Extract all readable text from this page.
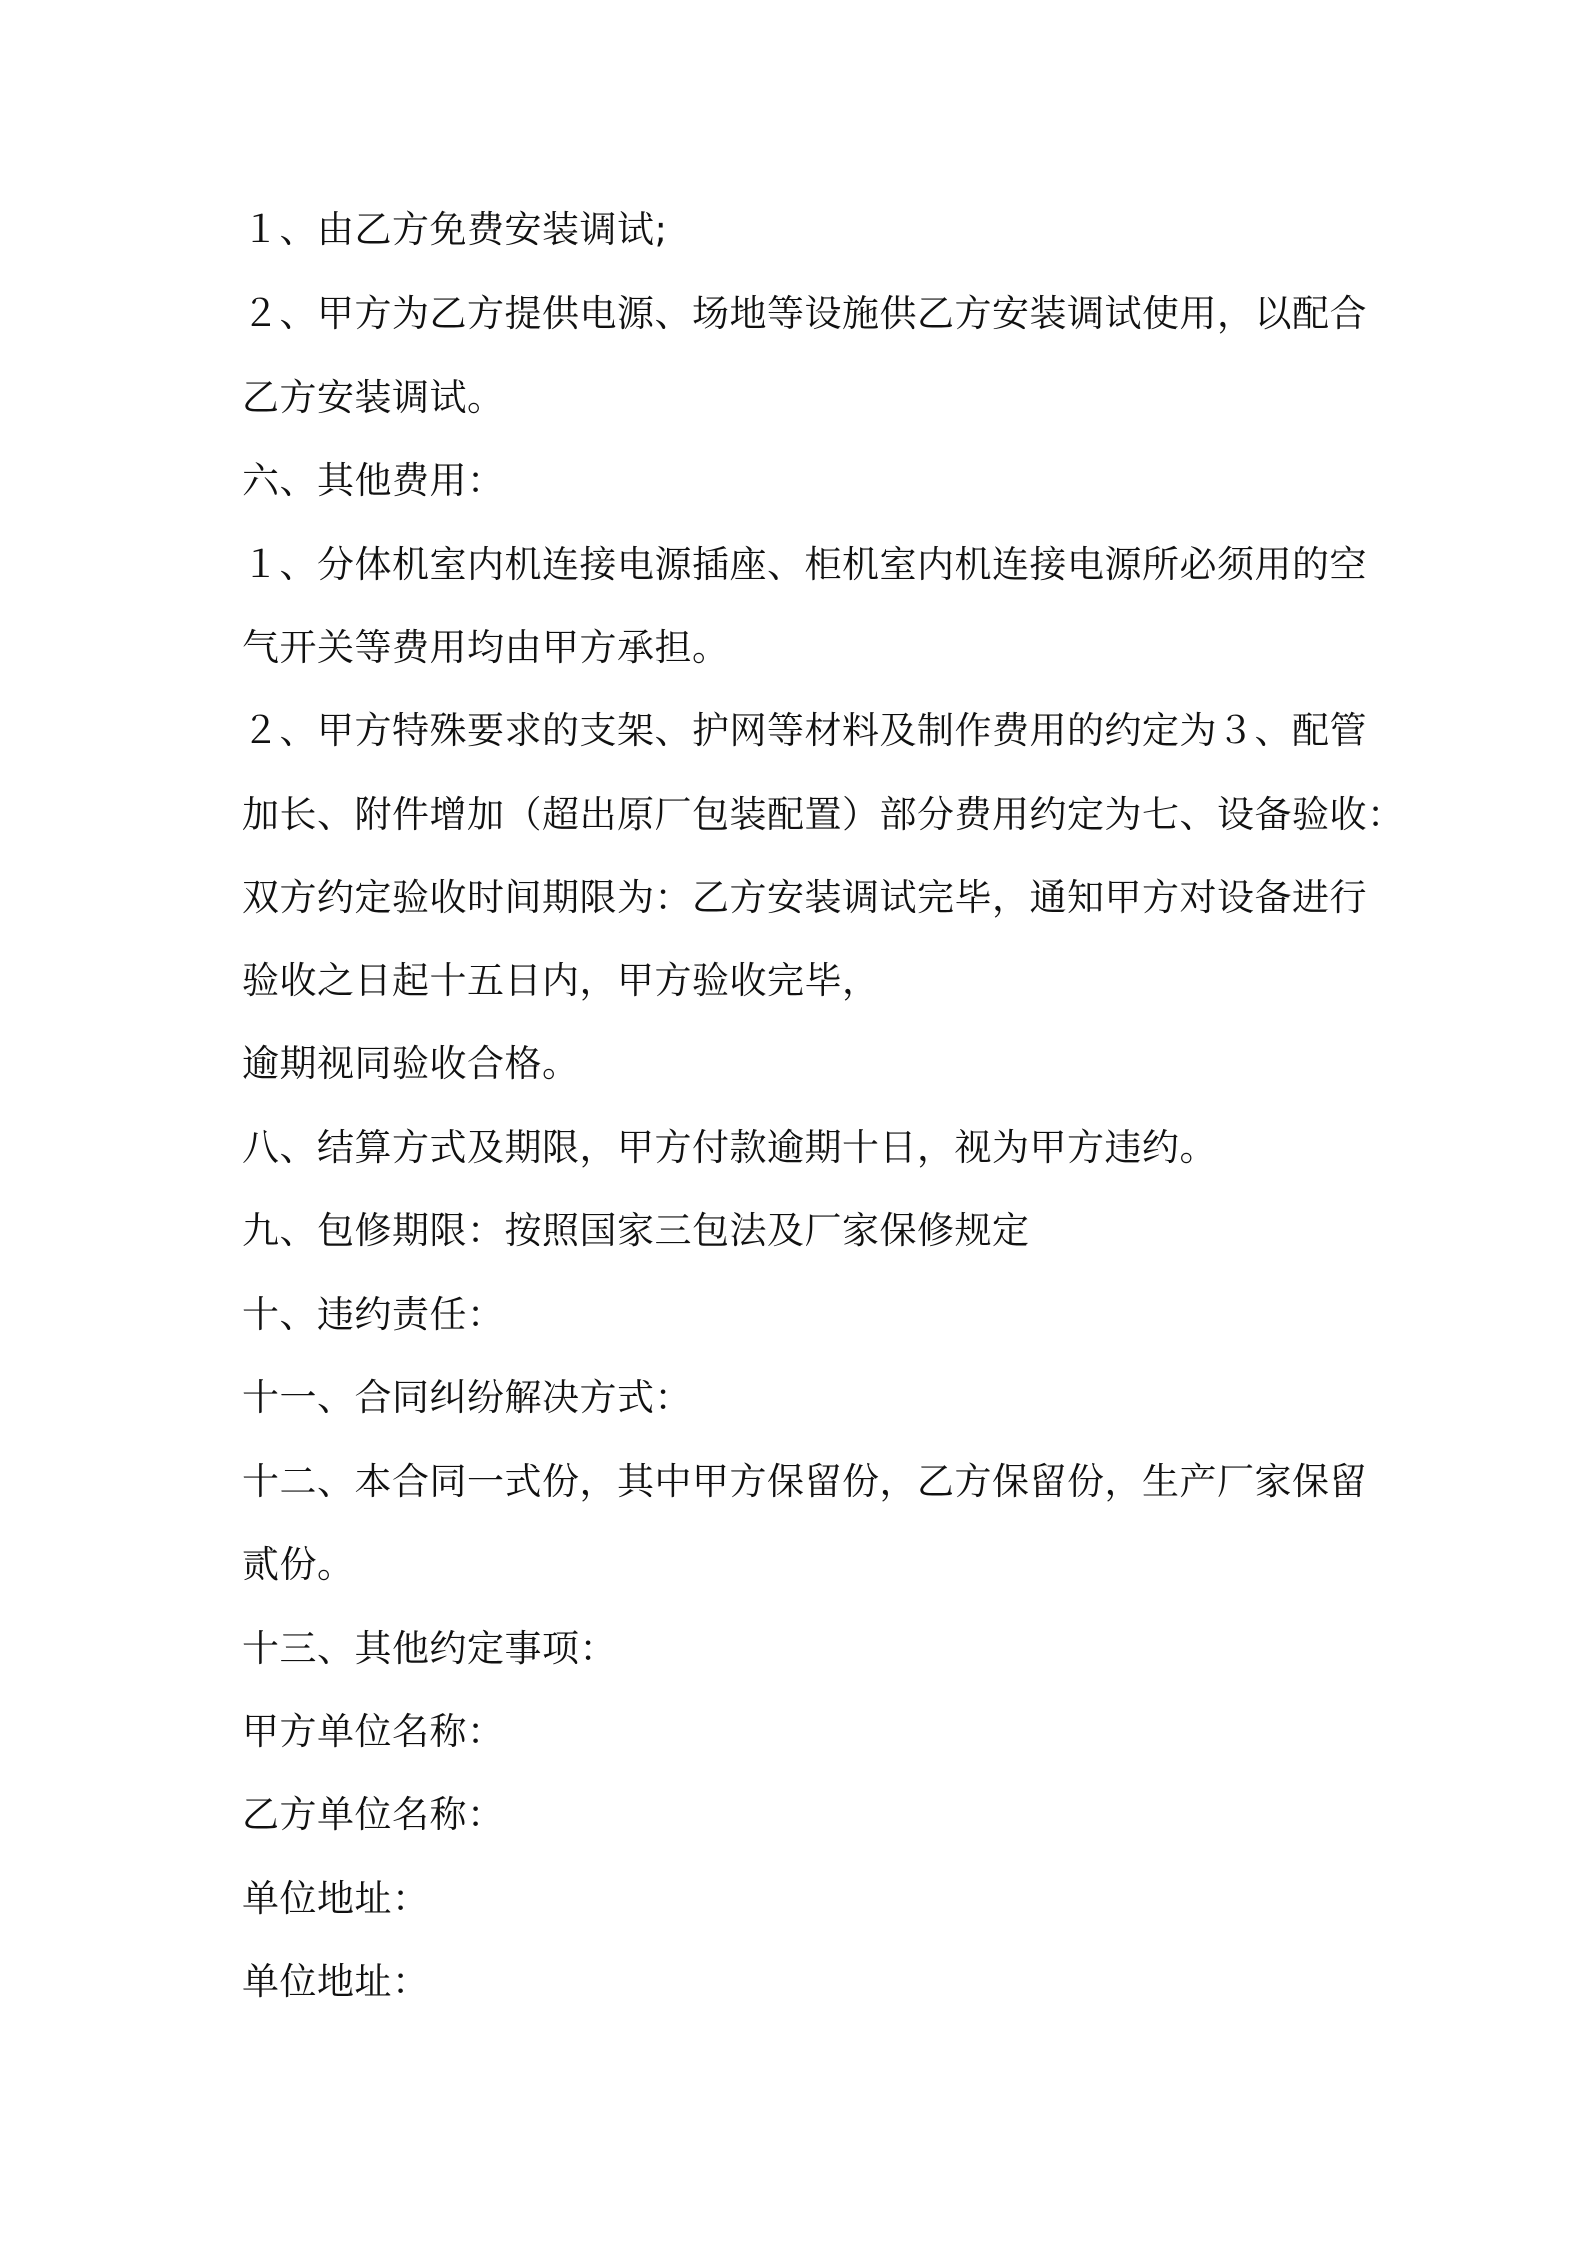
１、由乙方免费安装调试;
２、甲方为乙方提供电源、场地等设施供乙方安装调试使用，以配合
乙方安装调试。
六、其他费用：
１、分体机室内机连接电源插座、柜机室内机连接电源所必须用的空
气开关等费用均由甲方承担。
２、甲方特殊要求的支架、护网等材料及制作费用的约定为３、配管
加长、附件增加（超出原厂包装配置）部分费用约定为七、设备验收：
双方约定验收时间期限为：乙方安装调试完毕，通知甲方对设备进行
验收之日起十五日内，甲方验收完毕，
逾期视同验收合格。
八、结算方式及期限，甲方付款逾期十日，视为甲方违约。
九、包修期限：按照国家三包法及厂家保修规定
十、违约责任：
十一、合同纠纷解决方式：
十二、本合同一式份，其中甲方保留份，乙方保留份，生产厂家保留
贰份。
十三、其他约定事项：
甲方单位名称：
乙方单位名称：
单位地址：
单位地址：
